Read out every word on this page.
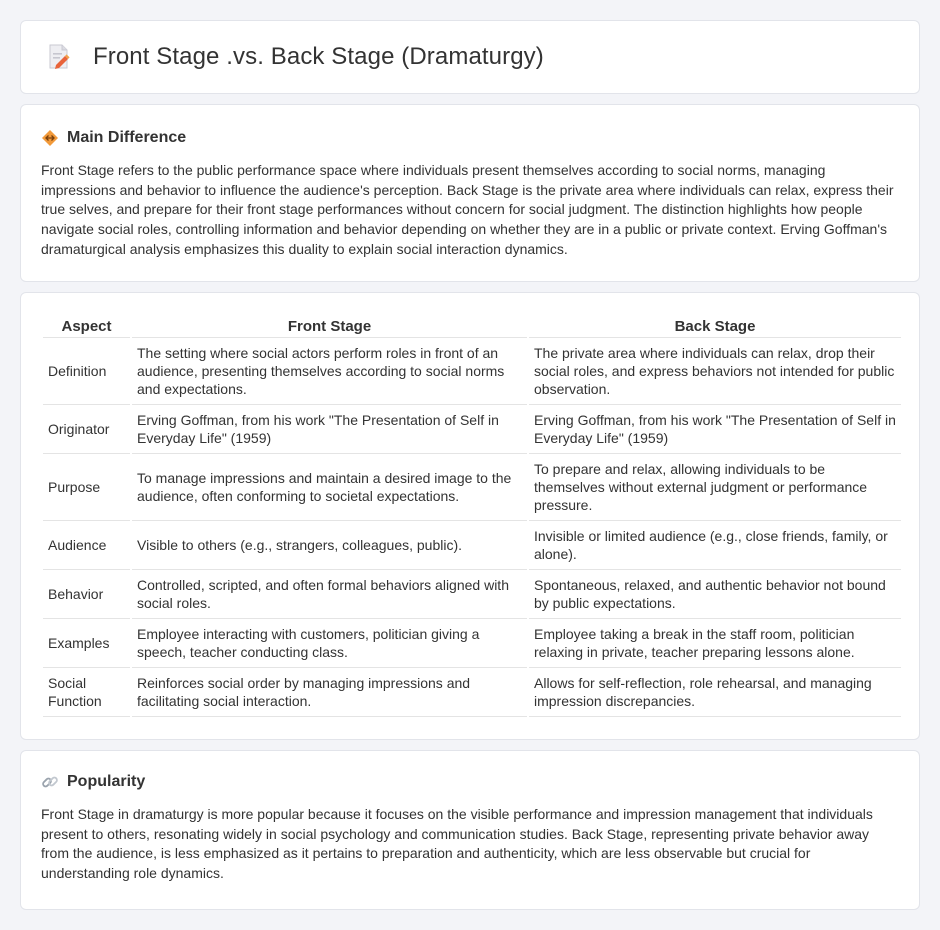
Front Stage .vs. Back Stage (Dramaturgy)
Main Difference

Front Stage refers to the public performance space where individuals present themselves according to social norms, managing impressions and behavior to influence the audience's perception. Back Stage is the private area where individuals can relax, express their true selves, and prepare for their front stage performances without concern for social judgment. The distinction highlights how people navigate social roles, controlling information and behavior depending on whether they are in a public or private context. Erving Goffman's dramaturgical analysis emphasizes this duality to explain social interaction dynamics.

Aspect	Front Stage	Back Stage
Definition	The setting where social actors perform roles in front of an audience, presenting themselves according to social norms and expectations.	The private area where individuals can relax, drop their social roles, and express behaviors not intended for public observation.
Originator	Erving Goffman, from his work "The Presentation of Self in Everyday Life" (1959)	Erving Goffman, from his work "The Presentation of Self in Everyday Life" (1959)
Purpose	To manage impressions and maintain a desired image to the audience, often conforming to societal expectations.	To prepare and relax, allowing individuals to be themselves without external judgment or performance pressure.
Audience	Visible to others (e.g., strangers, colleagues, public).	Invisible or limited audience (e.g., close friends, family, or alone).
Behavior	Controlled, scripted, and often formal behaviors aligned with social roles.	Spontaneous, relaxed, and authentic behavior not bound by public expectations.
Examples	Employee interacting with customers, politician giving a speech, teacher conducting class.	Employee taking a break in the staff room, politician relaxing in private, teacher preparing lessons alone.
Social Function	Reinforces social order by managing impressions and facilitating social interaction.	Allows for self-reflection, role rehearsal, and managing impression discrepancies.
Popularity

Front Stage in dramaturgy is more popular because it focuses on the visible performance and impression management that individuals present to others, resonating widely in social psychology and communication studies. Back Stage, representing private behavior away from the audience, is less emphasized as it pertains to preparation and authenticity, which are less observable but crucial for understanding role dynamics.
